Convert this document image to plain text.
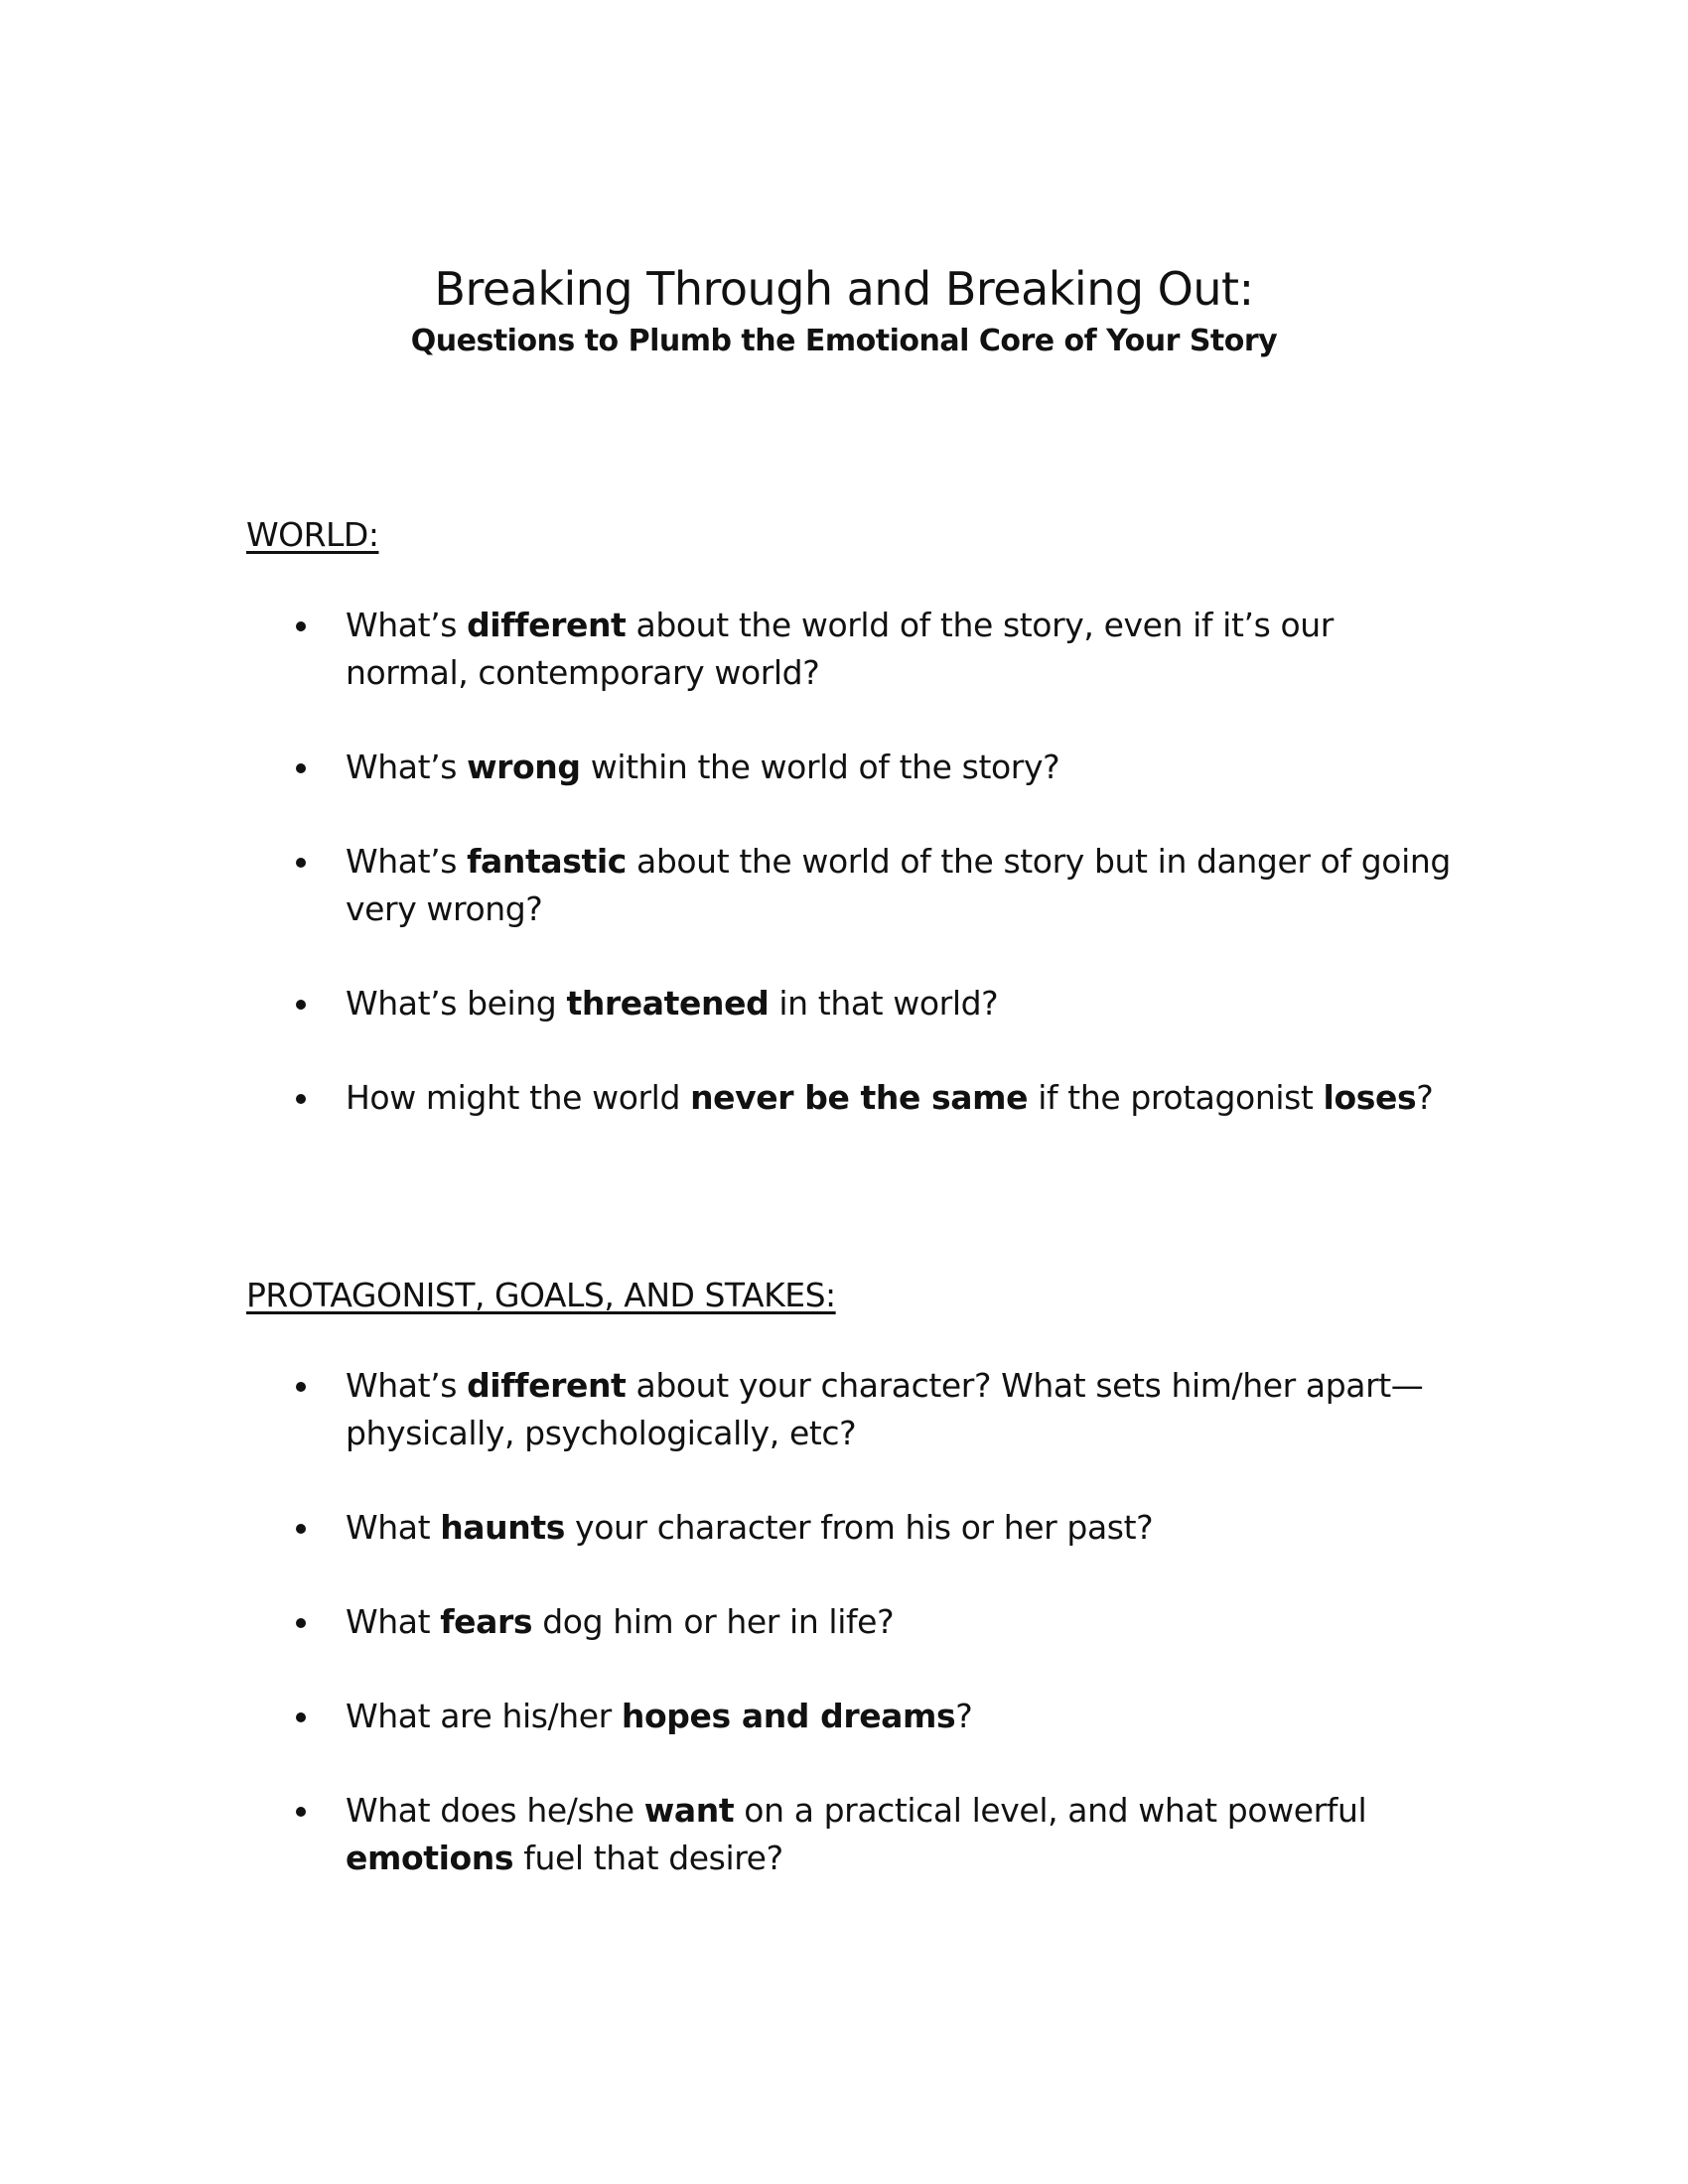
Breaking Through and Breaking Out:

Questions to Plumb the Emotional Core of Your Story

WORLD:
What’s different about the world of the story, even if it’s our normal, contemporary world?
What’s wrong within the world of the story?
What’s fantastic about the world of the story but in danger of going very wrong?
What’s being threatened in that world?
How might the world never be the same if the protagonist loses?
PROTAGONIST, GOALS, AND STAKES:
What’s different about your character? What sets him/her apart—physically, psychologically, etc?
What haunts your character from his or her past?
What fears dog him or her in life?
What are his/her hopes and dreams?
What does he/she want on a practical level, and what powerful emotions fuel that desire?
